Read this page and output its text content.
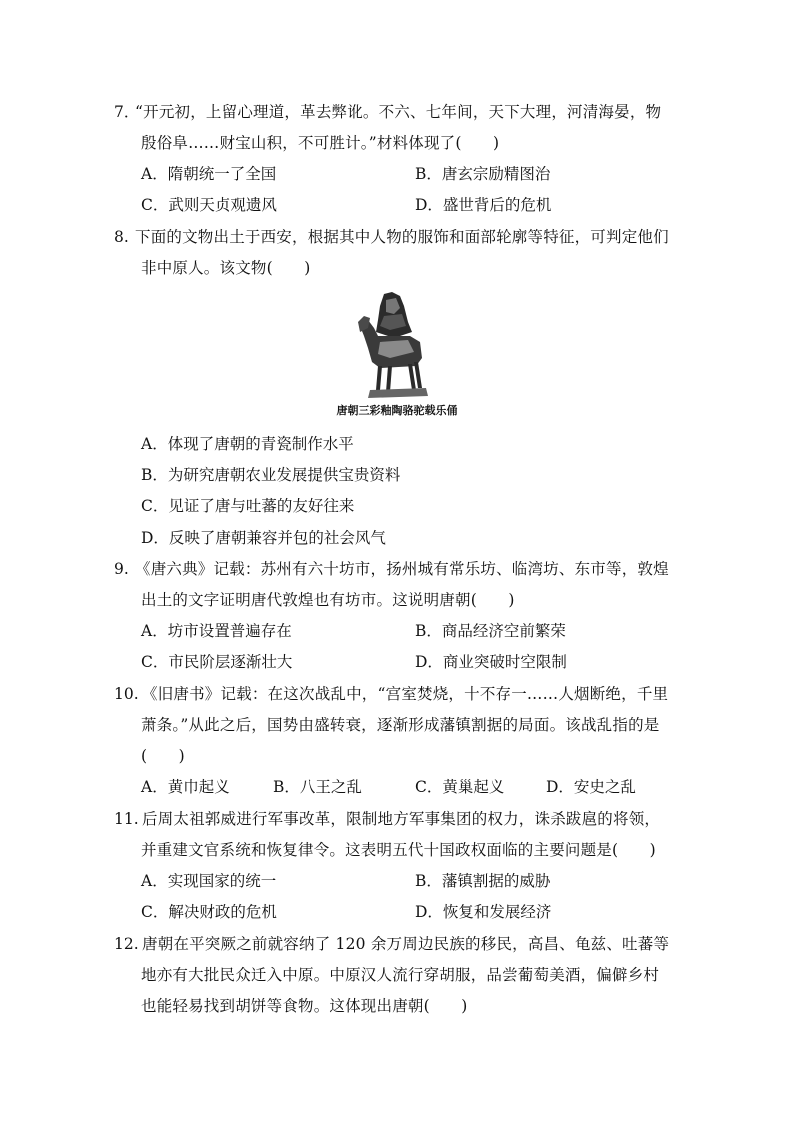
7．
“开元初，上留心理道，革去弊讹。不六、七年间，天下大理，河清海晏，物
殷俗阜……财宝山积，不可胜计。”材料体现了(　　)
A．隋朝统一了全国	B．唐玄宗励精图治
C．武则天贞观遗风	D．盛世背后的危机
8. 下面的文物出土于西安，根据其中人物的服饰和面部轮廓等特征，可判定他们
非中原人。该文物(　　)
唐朝三彩釉陶骆驼载乐俑
A．体现了唐朝的青瓷制作水平
B．为研究唐朝农业发展提供宝贵资料
C．见证了唐与吐蕃的友好往来
D．反映了唐朝兼容并包的社会风气
9. 《唐六典》记载：苏州有六十坊市，扬州城有常乐坊、临湾坊、东市等，敦煌
出土的文字证明唐代敦煌也有坊市。这说明唐朝(　　)
A．坊市设置普遍存在	B．商品经济空前繁荣
C．市民阶层逐渐壮大	D．商业突破时空限制
10. 《旧唐书》记载：在这次战乱中，“宫室焚烧，十不存一……人烟断绝，千里
萧条。”从此之后，国势由盛转衰，逐渐形成藩镇割据的局面。该战乱指的是
(　　)
A．黄巾起义	B．八王之乱	C．黄巢起义	D．安史之乱
11. 后周太祖郭威进行军事改革，限制地方军事集团的权力，诛杀跋扈的将领，
并重建文官系统和恢复律令。这表明五代十国政权面临的主要问题是(　　)
A．实现国家的统一	B．藩镇割据的威胁
C．解决财政的危机	D．恢复和发展经济
12. 唐朝在平突厥之前就容纳了 120 余万周边民族的移民，高昌、龟兹、吐蕃等
地亦有大批民众迁入中原。中原汉人流行穿胡服，品尝葡萄美酒，偏僻乡村
也能轻易找到胡饼等食物。这体现出唐朝(　　)
